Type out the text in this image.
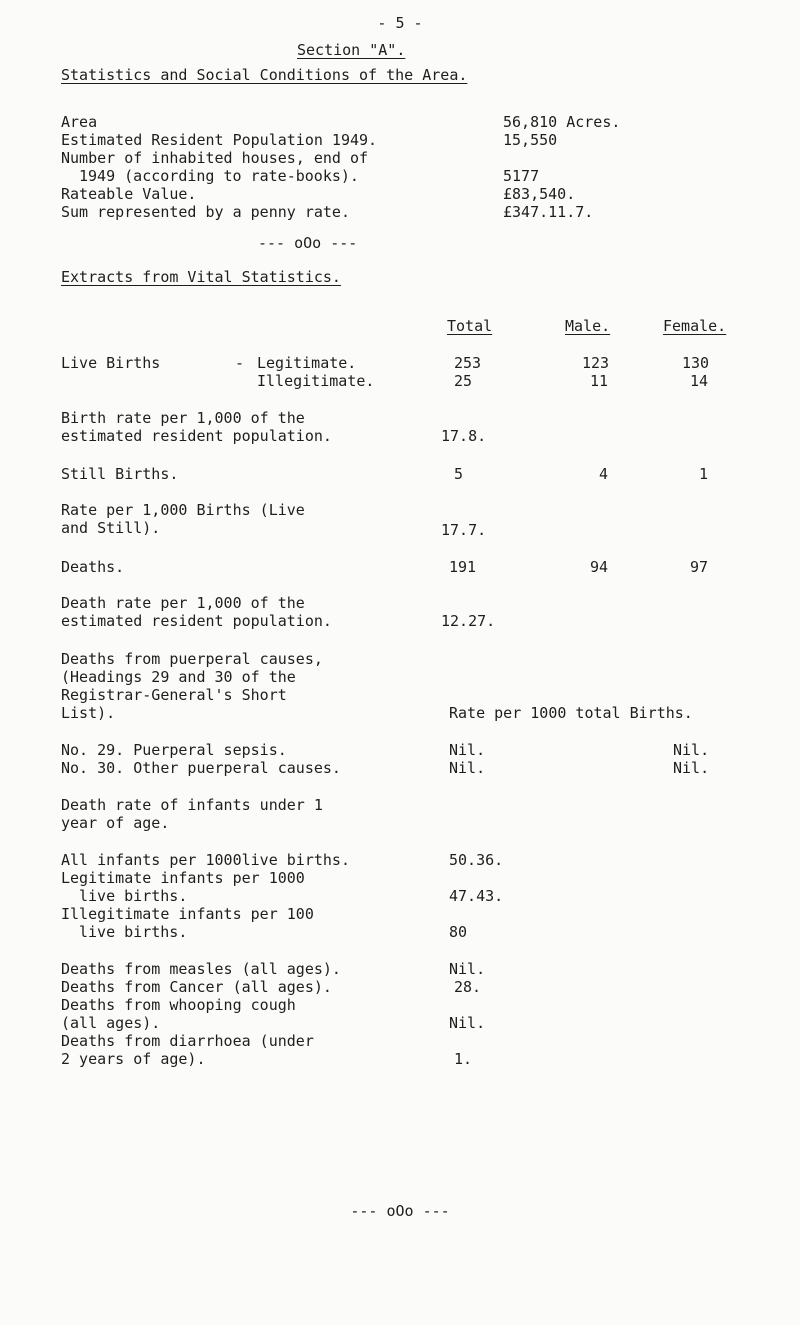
- 5 -
Section "A".
Statistics and Social Conditions of the Area.
Area	56,810 Acres.
Estimated Resident Population 1949.	15,550
Number of inhabited houses, end of
1949 (according to rate-books).	5177
Rateable Value.	£83,540.
Sum represented by a penny rate.	£347.11.7.
--- oOo ---
Extracts from Vital Statistics.
Total	Male.	Female.
Live Births	- Legitimate.	253	123	130
Illegitimate.	25	11	14
Birth rate per 1,000 of the
estimated resident population.	17.8.
Still Births.	5	4	1
Rate per 1,000 Births (Live
and Still).	17.7.
Deaths.	191	94	97
Death rate per 1,000 of the
estimated resident population.	12.27.
Deaths from puerperal causes,
(Headings 29 and 30 of the
Registrar-General's Short
List).	Rate per 1000 total Births.
No. 29. Puerperal sepsis.	Nil.	Nil.
No. 30. Other puerperal causes.	Nil.	Nil.
Death rate of infants under 1
year of age.
All infants per 1000live births.	50.36.
Legitimate infants per 1000
live births.	47.43.
Illegitimate infants per 100
live births.	80
Deaths from measles (all ages).	Nil.
Deaths from Cancer (all ages).	28.
Deaths from whooping cough
(all ages).	Nil.
Deaths from diarrhoea (under
2 years of age).	1.
--- oOo ---
